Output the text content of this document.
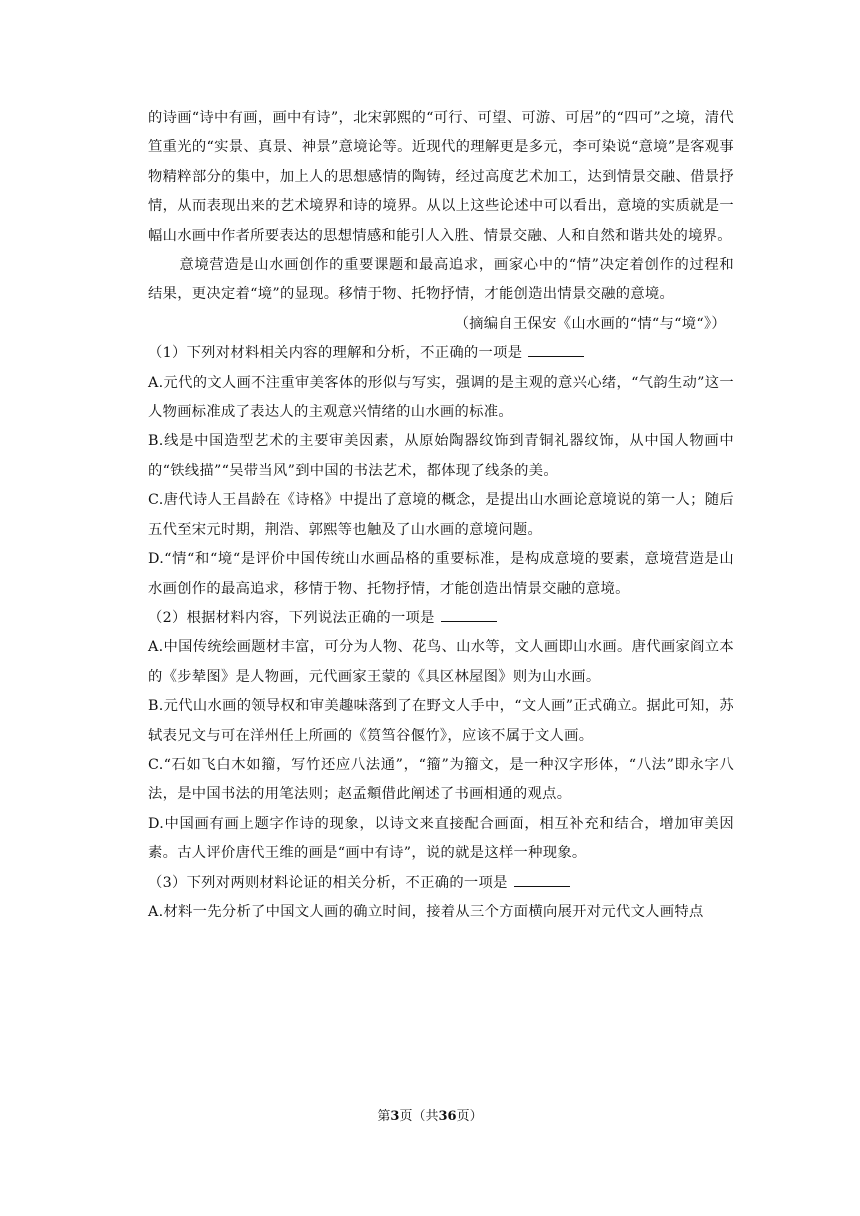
的诗画“诗中有画，画中有诗”，北宋郭熙的“可行、可望、可游、可居”的“四可”之境，清代笪重光的“实景、真景、神景”意境论等。近现代的理解更是多元，李可染说“意境”是客观事物精粹部分的集中，加上人的思想感情的陶铸，经过高度艺术加工，达到情景交融、借景抒情，从而表现出来的艺术境界和诗的境界。从以上这些论述中可以看出，意境的实质就是一幅山水画中作者所要表达的思想情感和能引人入胜、情景交融、人和自然和谐共处的境界。

意境营造是山水画创作的重要课题和最高追求，画家心中的“情”决定着创作的过程和结果，更决定着“境”的显现。移情于物、托物抒情，才能创造出情景交融的意境。

（摘编自王保安《山水画的“情“与“境“》）

（1）下列对材料相关内容的理解和分析，不正确的一项是

A.元代的文人画不注重审美客体的形似与写实，强调的是主观的意兴心绪，“气韵生动”这一人物画标准成了表达人的主观意兴情绪的山水画的标准。

B.线是中国造型艺术的主要审美因素，从原始陶器纹饰到青铜礼器纹饰，从中国人物画中的“铁线描”“吴带当风”到中国的书法艺术，都体现了线条的美。

C.唐代诗人王昌龄在《诗格》中提出了意境的概念，是提出山水画论意境说的第一人；随后五代至宋元时期，荆浩、郭熙等也触及了山水画的意境问题。

D.“情“和“境“是评价中国传统山水画品格的重要标准，是构成意境的要素，意境营造是山水画创作的最高追求，移情于物、托物抒情，才能创造出情景交融的意境。

（2）根据材料内容，下列说法正确的一项是

A.中国传统绘画题材丰富，可分为人物、花鸟、山水等，文人画即山水画。唐代画家阎立本的《步辇图》是人物画，元代画家王蒙的《具区林屋图》则为山水画。

B.元代山水画的领导权和审美趣味落到了在野文人手中，“文人画”正式确立。据此可知，苏轼表兄文与可在洋州任上所画的《筼筜谷偃竹》，应该不属于文人画。

C.“石如飞白木如籀，写竹还应八法通”，“籀”为籀文，是一种汉字形体，“八法”即永字八法，是中国书法的用笔法则；赵孟頫借此阐述了书画相通的观点。

D.中国画有画上题字作诗的现象，以诗文来直接配合画面，相互补充和结合，增加审美因素。古人评价唐代王维的画是“画中有诗”，说的就是这样一种现象。

（3）下列对两则材料论证的相关分析，不正确的一项是

A.材料一先分析了中国文人画的确立时间，接着从三个方面横向展开对元代文人画特点

第3页（共36页）
